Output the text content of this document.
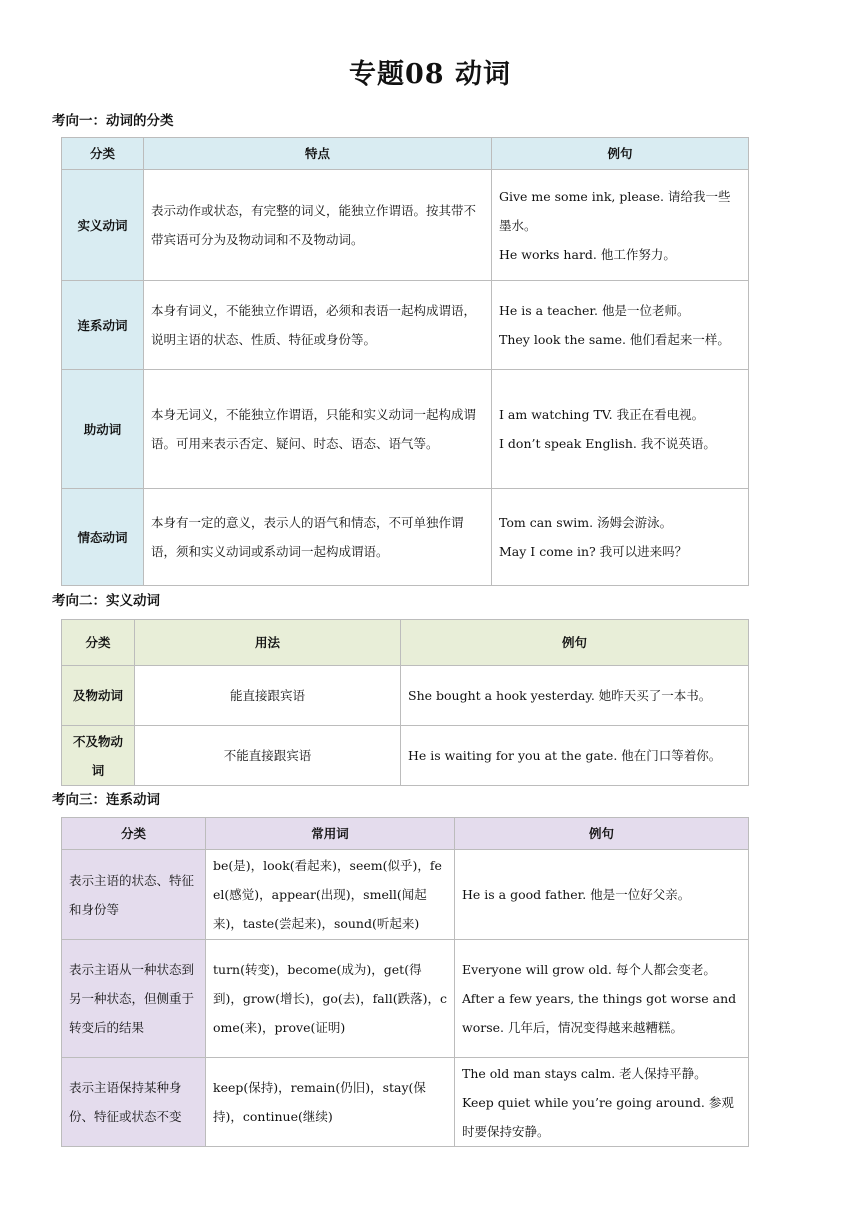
专题08 动词
考向一：动词的分类
分类	特点	例句
实义动词	表示动作或状态，有完整的词义，能独立作谓语。按其带不带宾语可分为及物动词和不及物动词。	Give me some ink, please. 请给我一些墨水。
He works hard. 他工作努力。

连系动词	本身有词义，不能独立作谓语，必须和表语一起构成谓语，说明主语的状态、性质、特征或身份等。	He is a teacher. 他是一位老师。
They look the same. 他们看起来一样。

助动词	本身无词义，不能独立作谓语，只能和实义动词一起构成谓语。可用来表示否定、疑问、时态、语态、语气等。	I am watching TV. 我正在看电视。
I don’t speak English. 我不说英语。

情态动词	本身有一定的意义，表示人的语气和情态，不可单独作谓语，须和实义动词或系动词一起构成谓语。	Tom can swim. 汤姆会游泳。
May I come in? 我可以进来吗？
考向二：实义动词
分类	用法	例句
及物动词	能直接跟宾语	She bought a hook yesterday. 她昨天买了一本书。
不及物动词	不能直接跟宾语	He is waiting for you at the gate. 他在门口等着你。
考向三：连系动词
分类	常用词	例句
表示主语的状态、特征和身份等	be(是)，look(看起来)，seem(似乎)，feel(感觉)，appear(出现)，smell(闻起来)，taste(尝起来)，sound(听起来)	He is a good father. 他是一位好父亲。

表示主语从一种状态到另一种状态，但侧重于转变后的结果	turn(转变)，become(成为)，get(得到)，grow(增长)，go(去)，fall(跌落)，come(来)，prove(证明)	Everyone will grow old. 每个人都会变老。
After a few years, the things got worse and worse. 几年后，情况变得越来越糟糕。

表示主语保持某种身份、特征或状态不变	keep(保持)，remain(仍旧)，stay(保持)，continue(继续)	The old man stays calm. 老人保持平静。
Keep quiet while you’re going around. 参观时要保持安静。
